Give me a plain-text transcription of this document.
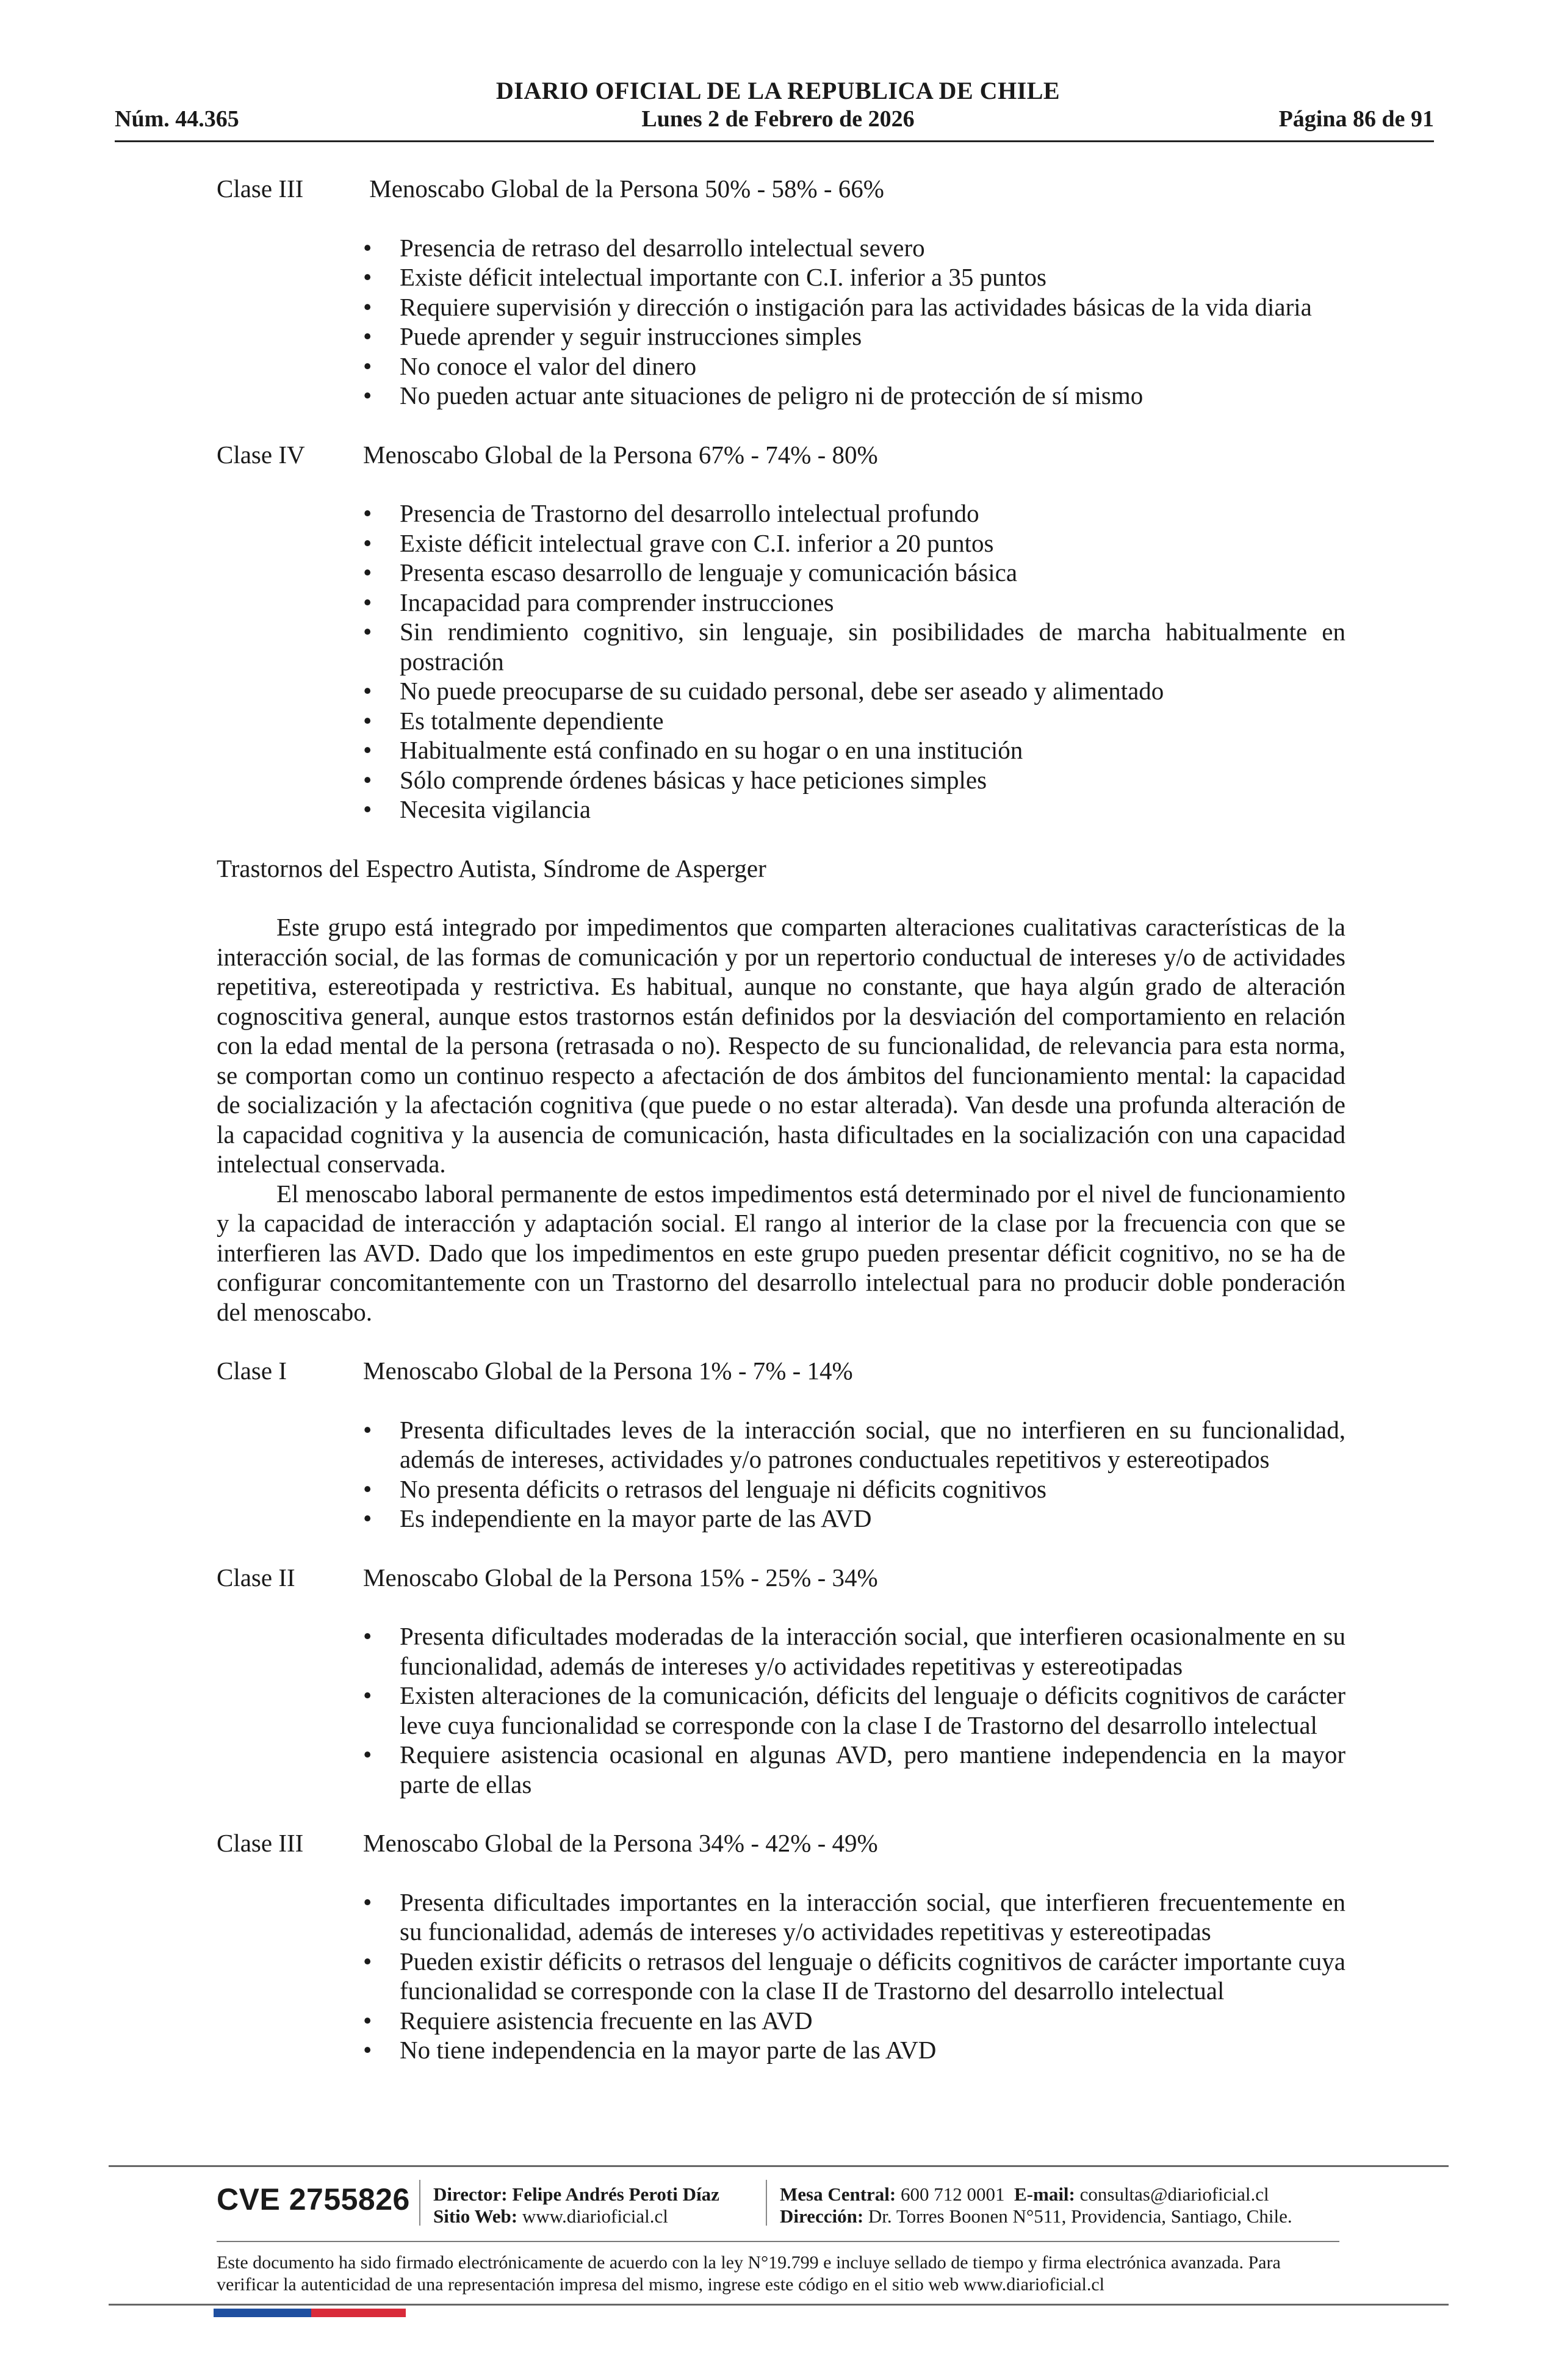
DIARIO OFICIAL DE LA REPUBLICA DE CHILE
Núm. 44.365	Lunes 2 de Febrero de 2026	Página 86 de 91
Clase III	Menoscabo Global de la Persona 50% - 58% - 66%
• Presencia de retraso del desarrollo intelectual severo
• Existe déficit intelectual importante con C.I. inferior a 35 puntos
• Requiere supervisión y dirección o instigación para las actividades básicas de la vida diaria
• Puede aprender y seguir instrucciones simples
• No conoce el valor del dinero
• No pueden actuar ante situaciones de peligro ni de protección de sí mismo
Clase IV	Menoscabo Global de la Persona 67% - 74% - 80%
• Presencia de Trastorno del desarrollo intelectual profundo
• Existe déficit intelectual grave con C.I. inferior a 20 puntos
• Presenta escaso desarrollo de lenguaje y comunicación básica
• Incapacidad para comprender instrucciones
• Sin rendimiento cognitivo, sin lenguaje, sin posibilidades de marcha habitualmente en postración
• No puede preocuparse de su cuidado personal, debe ser aseado y alimentado
• Es totalmente dependiente
• Habitualmente está confinado en su hogar o en una institución
• Sólo comprende órdenes básicas y hace peticiones simples
• Necesita vigilancia
Trastornos del Espectro Autista, Síndrome de Asperger

Este grupo está integrado por impedimentos que comparten alteraciones cualitativas características de la interacción social, de las formas de comunicación y por un repertorio conductual de intereses y/o de actividades repetitiva, estereotipada y restrictiva. Es habitual, aunque no constante, que haya algún grado de alteración cognoscitiva general, aunque estos trastornos están definidos por la desviación del comportamiento en relación con la edad mental de la persona (retrasada o no). Respecto de su funcionalidad, de relevancia para esta norma, se comportan como un continuo respecto a afectación de dos ámbitos del funcionamiento mental: la capacidad de socialización y la afectación cognitiva (que puede o no estar alterada). Van desde una profunda alteración de la capacidad cognitiva y la ausencia de comunicación, hasta dificultades en la socialización con una capacidad intelectual conservada.

El menoscabo laboral permanente de estos impedimentos está determinado por el nivel de funcionamiento y la capacidad de interacción y adaptación social. El rango al interior de la clase por la frecuencia con que se interfieren las AVD. Dado que los impedimentos en este grupo pueden presentar déficit cognitivo, no se ha de configurar concomitantemente con un Trastorno del desarrollo intelectual para no producir doble ponderación del menoscabo.

Clase I	Menoscabo Global de la Persona 1% - 7% - 14%
• Presenta dificultades leves de la interacción social, que no interfieren en su funcionalidad, además de intereses, actividades y/o patrones conductuales repetitivos y estereotipados
• No presenta déficits o retrasos del lenguaje ni déficits cognitivos
• Es independiente en la mayor parte de las AVD
Clase II	Menoscabo Global de la Persona 15% - 25% - 34%
• Presenta dificultades moderadas de la interacción social, que interfieren ocasionalmente en su funcionalidad, además de intereses y/o actividades repetitivas y estereotipadas
• Existen alteraciones de la comunicación, déficits del lenguaje o déficits cognitivos de carácter leve cuya funcionalidad se corresponde con la clase I de Trastorno del desarrollo intelectual
• Requiere asistencia ocasional en algunas AVD, pero mantiene independencia en la mayor parte de ellas
Clase III	Menoscabo Global de la Persona 34% - 42% - 49%
• Presenta dificultades importantes en la interacción social, que interfieren frecuentemente en su funcionalidad, además de intereses y/o actividades repetitivas y estereotipadas
• Pueden existir déficits o retrasos del lenguaje o déficits cognitivos de carácter importante cuya funcionalidad se corresponde con la clase II de Trastorno del desarrollo intelectual
• Requiere asistencia frecuente en las AVD
• No tiene independencia en la mayor parte de las AVD
CVE 2755826 Director: Felipe Andrés Peroti Díaz
Sitio Web: www.diarioficial.cl
Mesa Central: 600 712 0001 E-mail: consultas@diarioficial.cl
Dirección: Dr. Torres Boonen N°511, Providencia, Santiago, Chile.
Este documento ha sido firmado electrónicamente de acuerdo con la ley N°19.799 e incluye sellado de tiempo y firma electrónica avanzada. Para verificar la autenticidad de una representación impresa del mismo, ingrese este código en el sitio web www.diarioficial.cl
